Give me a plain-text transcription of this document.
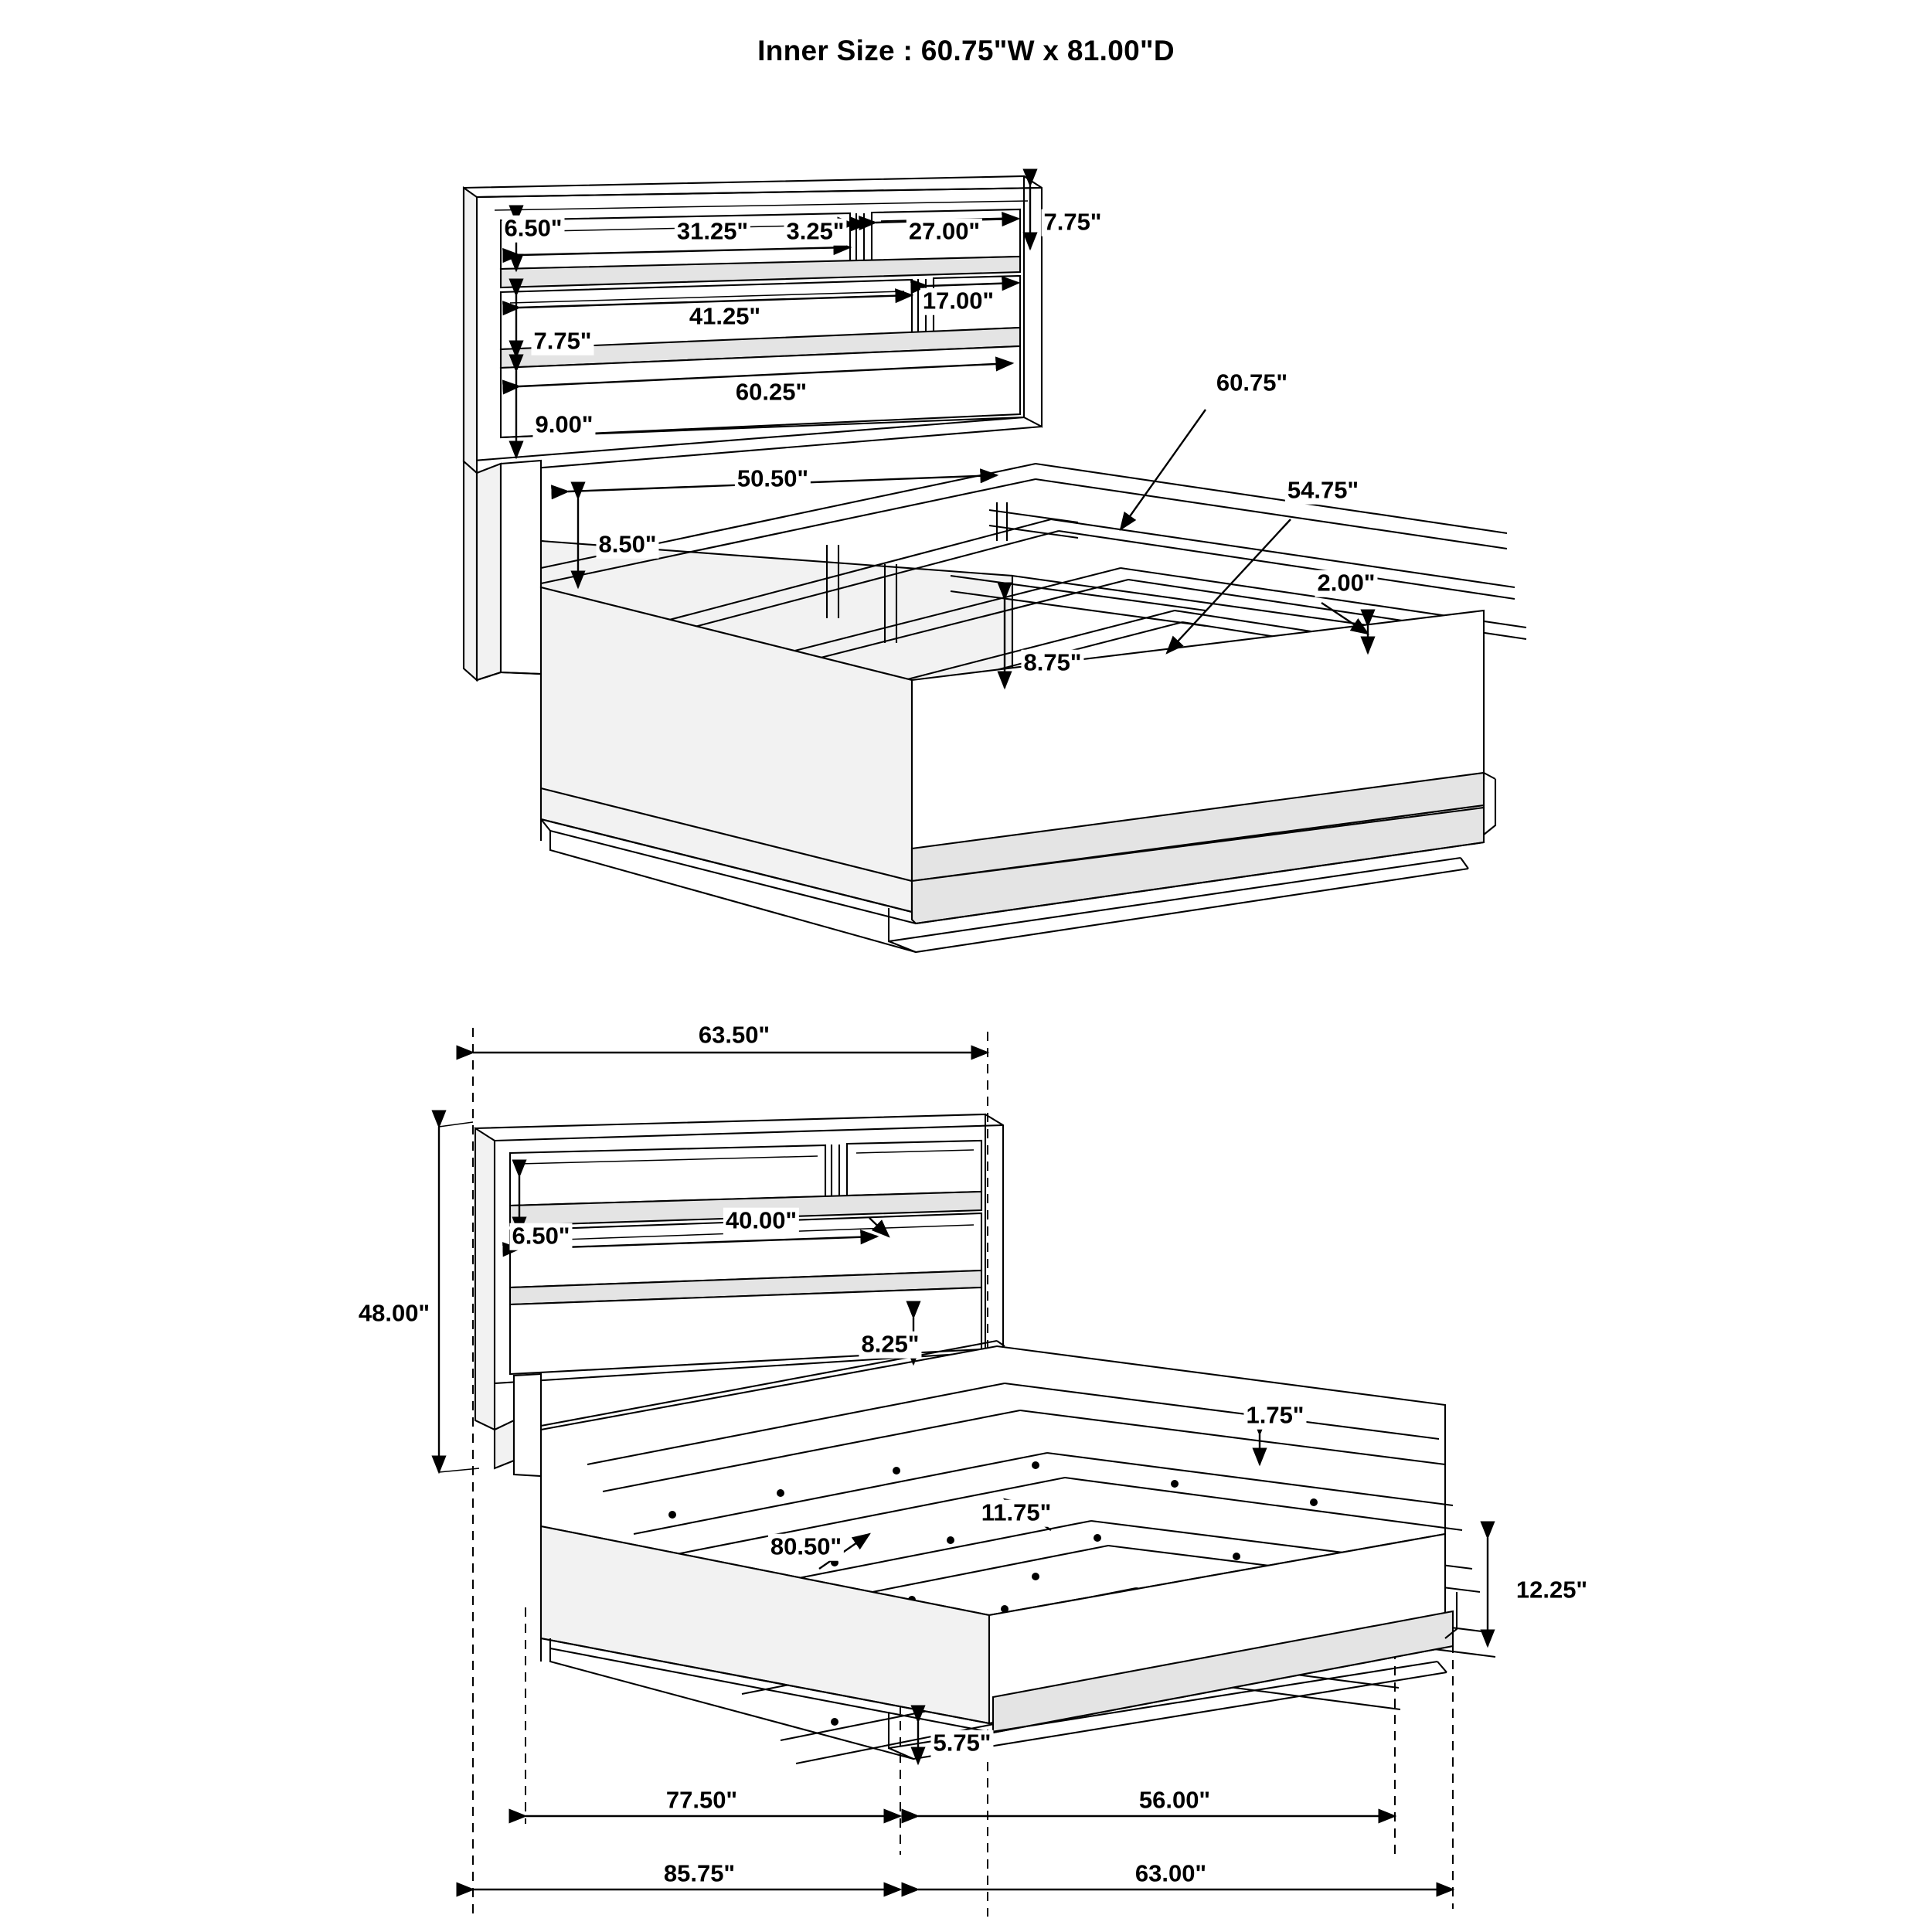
Inner Size : 60.75"W x 81.00"D
6.50"	31.25" 3.25"	27.00"	7.75"
17.00"
41.25"
7.75"
60.25"
9.00"
50.50"
8.50"
60.75"
54.75"
2.00"
8.75"
63.50"
48.00"
6.50"
40.00"
8.25"
1.75"
11.75"
80.50"
12.25"
5.75"
77.50"	56.00"
85.75"	63.00"
